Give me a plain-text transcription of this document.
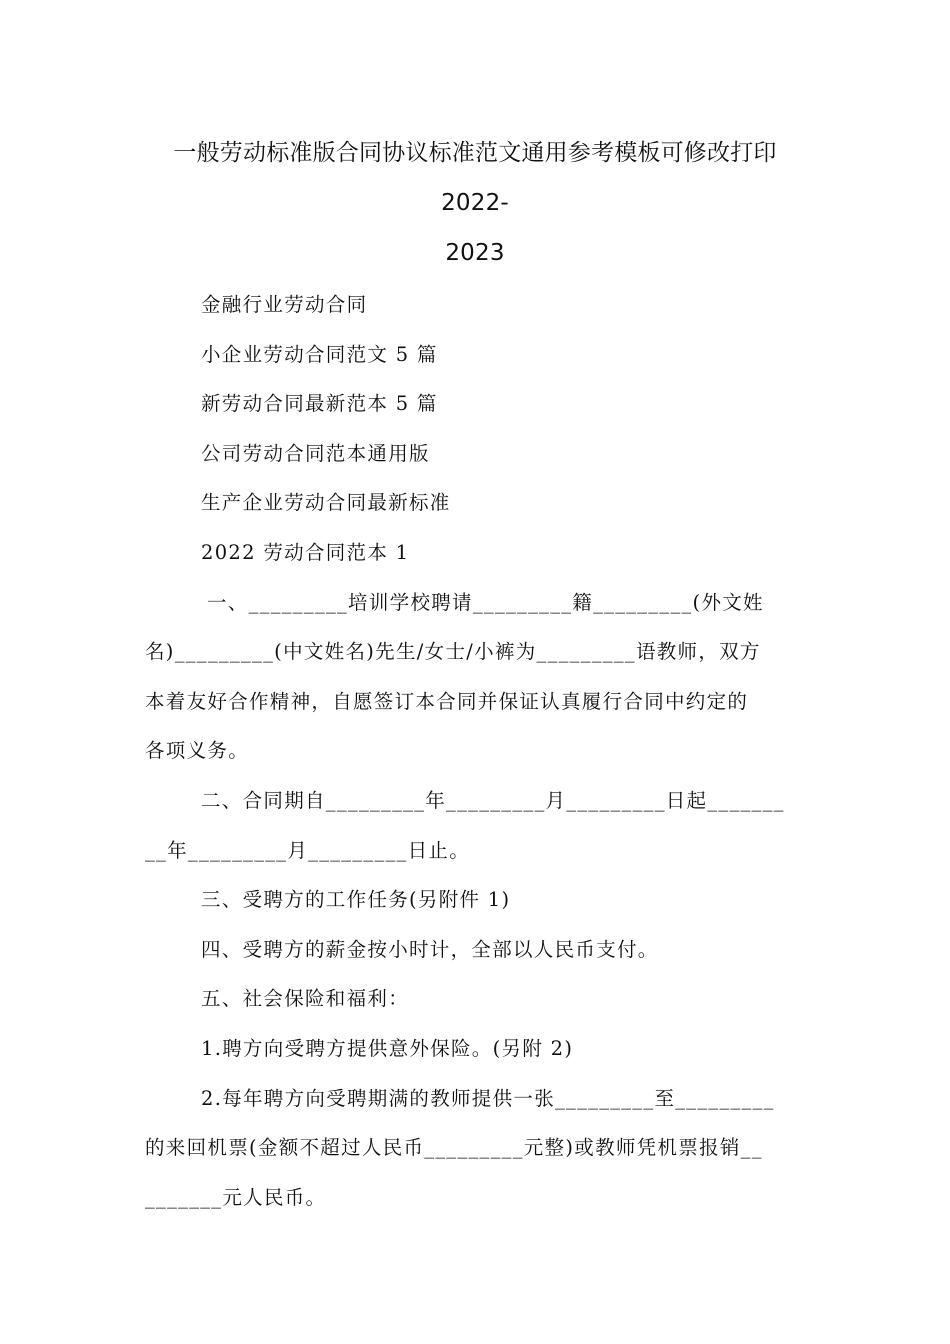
一般劳动标准版合同协议标准范文通用参考模板可修改打印 2022-
2023
金融行业劳动合同
小企业劳动合同范文 5 篇
新劳动合同最新范本 5 篇
公司劳动合同范本通用版
生产企业劳动合同最新标准
2022 劳动合同范本 1
一、_________培训学校聘请_________籍_________(外文姓
名)_________(中文姓名)先生/女士/小裤为_________语教师，双方
本着友好合作精神，自愿签订本合同并保证认真履行合同中约定的
各项义务。
二、合同期自_________年_________月_________日起_______
__年_________月_________日止。
三、受聘方的工作任务(另附件 1)
四、受聘方的薪金按小时计，全部以人民币支付。
五、社会保险和福利：
1.聘方向受聘方提供意外保险。(另附 2)
2.每年聘方向受聘期满的教师提供一张_________至_________
的来回机票(金额不超过人民币_________元整)或教师凭机票报销__
_______元人民币。
